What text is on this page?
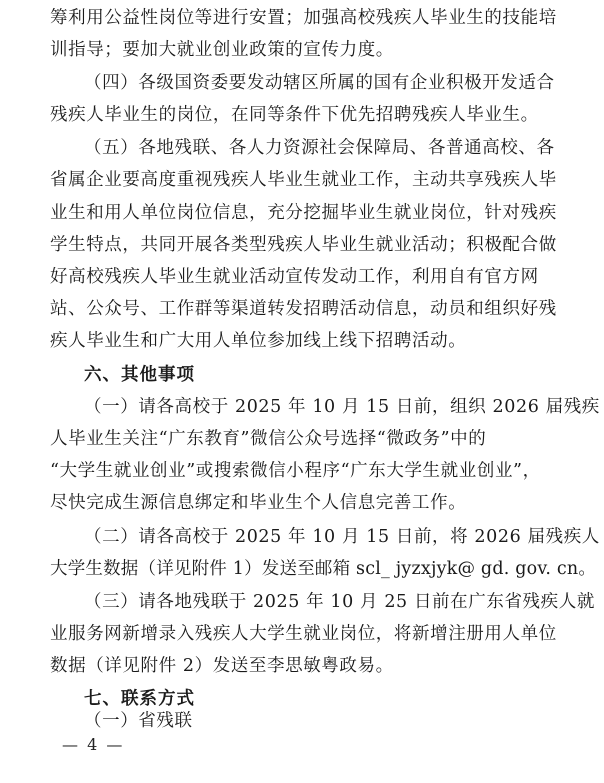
筹利用公益性岗位等进行安置；加强高校残疾人毕业生的技能培
训指导；要加大就业创业政策的宣传力度。
（四）各级国资委要发动辖区所属的国有企业积极开发适合
残疾人毕业生的岗位，在同等条件下优先招聘残疾人毕业生。
（五）各地残联、各人力资源社会保障局、各普通高校、各
省属企业要高度重视残疾人毕业生就业工作，主动共享残疾人毕
业生和用人单位岗位信息，充分挖掘毕业生就业岗位，针对残疾
学生特点，共同开展各类型残疾人毕业生就业活动；积极配合做
好高校残疾人毕业生就业活动宣传发动工作，利用自有官方网
站、公众号、工作群等渠道转发招聘活动信息，动员和组织好残
疾人毕业生和广大用人单位参加线上线下招聘活动。
六、其他事项
（一）请各高校于 2025 年 10 月 15 日前，组织 2026 届残疾
人毕业生关注“广东教育”微信公众号选择“微政务”中的
“大学生就业创业”或搜索微信小程序“广东大学生就业创业”，
尽快完成生源信息绑定和毕业生个人信息完善工作。
（二）请各高校于 2025 年 10 月 15 日前，将 2026 届残疾人
大学生数据（详见附件 1）发送至邮箱 scl_ jyzxjyk@ gd. gov. cn。
（三）请各地残联于 2025 年 10 月 25 日前在广东省残疾人就
业服务网新增录入残疾人大学生就业岗位，将新增注册用人单位
数据（详见附件 2）发送至李思敏粤政易。
七、联系方式
（一）省残联
— 4 —
